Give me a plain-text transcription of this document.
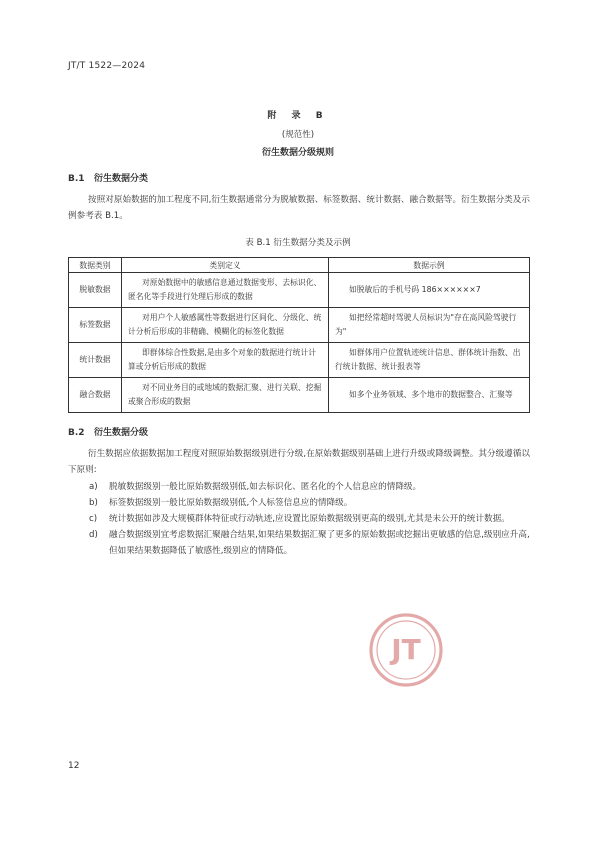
JT/T 1522—2024
附 录 B
(规范性)
衍生数据分级规则
B.1 衍生数据分类

按照对原始数据的加工程度不同,衍生数据通常分为脱敏数据、标签数据、统计数据、融合数据等。衍生数据分类及示例参考表 B.1。

表 B.1 衍生数据分类及示例
数据类别	类别定义	数据示例
脱敏数据	对原始数据中的敏感信息通过数据变形、去标识化、匿名化等手段进行处理后形成的数据	如脱敏后的手机号码 186××××××7
标签数据	对用户个人敏感属性等数据进行区间化、分级化、统计分析后形成的非精确、模糊化的标签化数据	如把经常超时驾驶人员标识为"存在高风险驾驶行为"
统计数据	即群体综合性数据,是由多个对象的数据进行统计计算或分析后形成的数据	如群体用户位置轨迹统计信息、群体统计指数、出行统计数据、统计报表等
融合数据	对不同业务目的或地域的数据汇聚、进行关联、挖掘或聚合形成的数据	如多个业务领域、多个地市的数据整合、汇聚等
B.2 衍生数据分级

衍生数据应依据数据加工程度对照原始数据级别进行分级,在原始数据级别基础上进行升级或降级调整。其分级遵循以下原则:

a) 脱敏数据级别一般比原始数据级别低,如去标识化、匿名化的个人信息应的情降级。
b) 标签数据级别一般比原始数据级别低,个人标签信息应的情降级。
c) 统计数据如涉及大规模群体特征或行动轨迹,应设置比原始数据级别更高的级别,尤其是未公开的统计数据。
d) 融合数据级别宜考虑数据汇聚融合结果,如果结果数据汇聚了更多的原始数据或挖掘出更敏感的信息,级别应升高,但如果结果数据降低了敏感性,级别应的情降低。
JT
12
